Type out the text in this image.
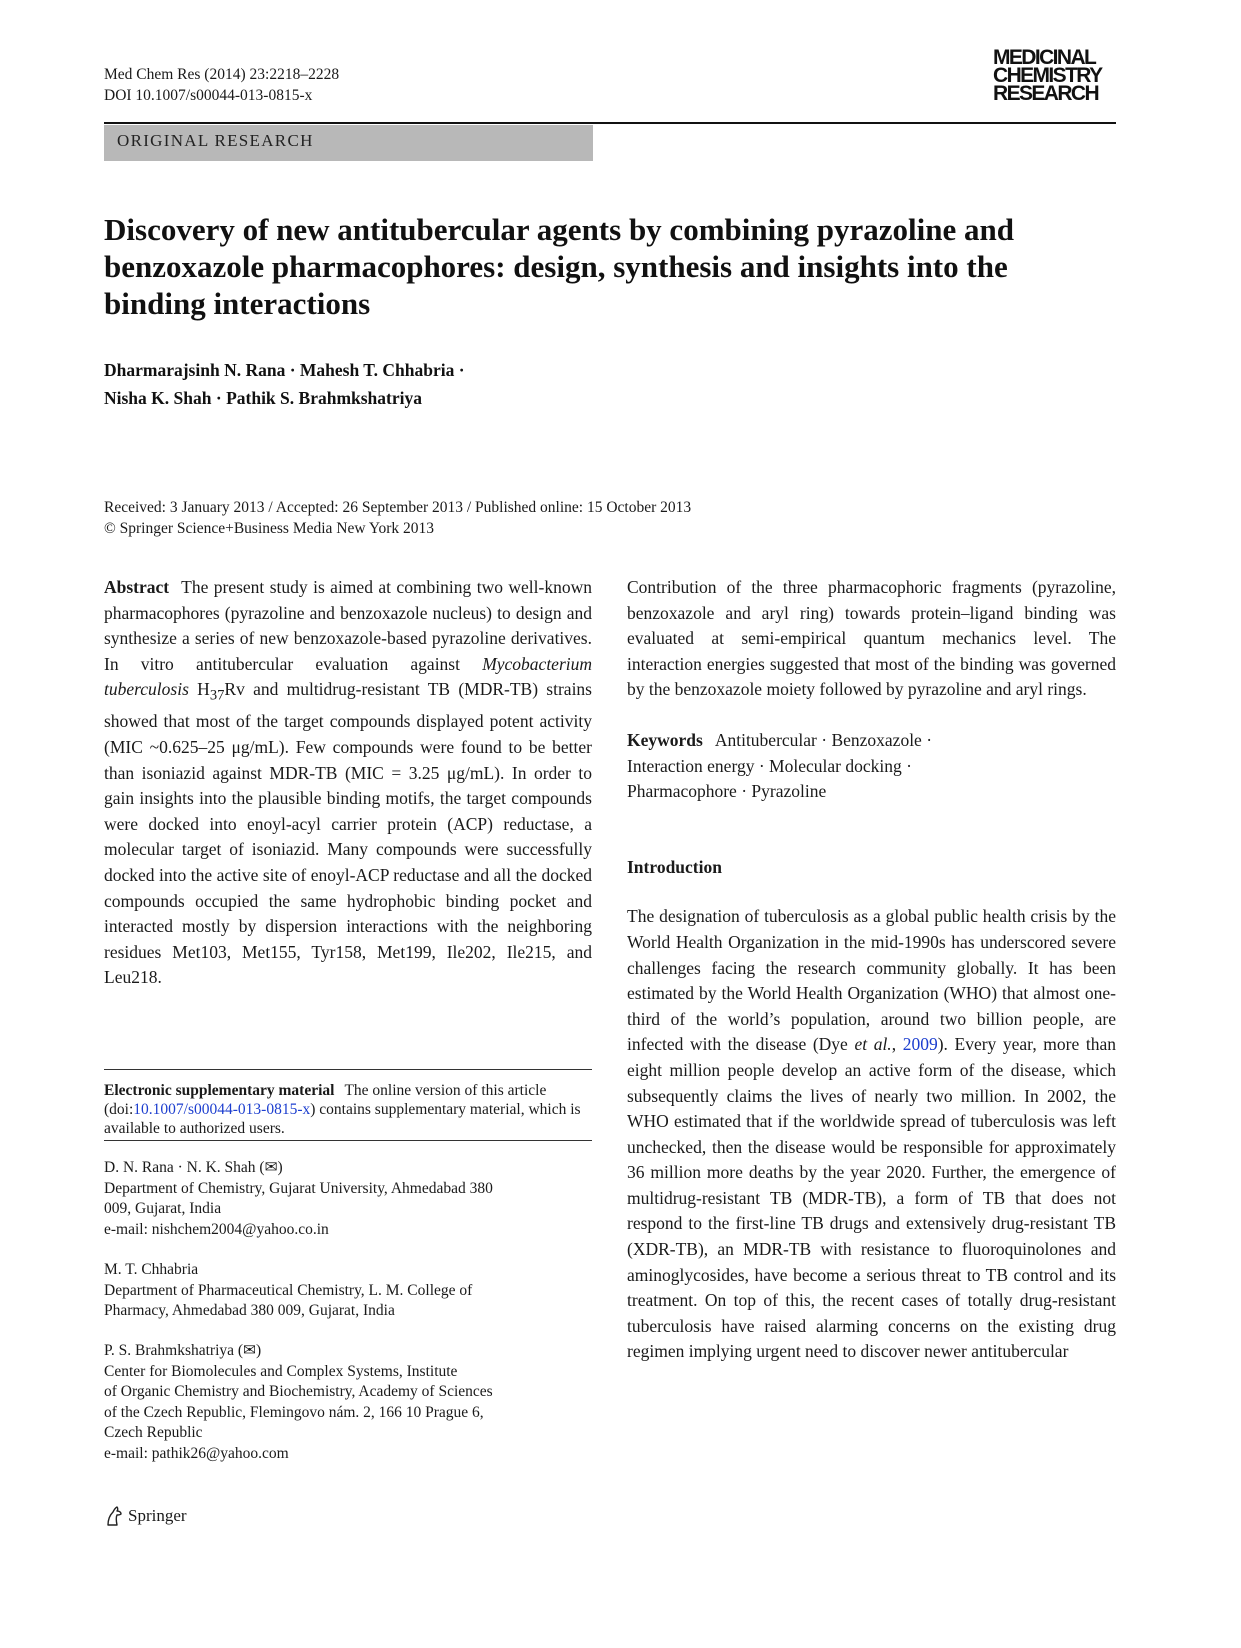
Med Chem Res (2014) 23:2218–2228
DOI 10.1007/s00044-013-0815-x
MEDICINAL
CHEMISTRY
RESEARCH
ORIGINAL RESEARCH
Discovery of new antitubercular agents by combining pyrazoline and benzoxazole pharmacophores: design, synthesis and insights into the binding interactions
Dharmarajsinh N. Rana · Mahesh T. Chhabria ·
Nisha K. Shah · Pathik S. Brahmkshatriya
Received: 3 January 2013 / Accepted: 26 September 2013 / Published online: 15 October 2013
© Springer Science+Business Media New York 2013
Abstract The present study is aimed at combining two well-known pharmacophores (pyrazoline and benzoxazole nucleus) to design and synthesize a series of new benzoxazole-based pyrazoline derivatives. In vitro antitubercular evaluation against Mycobacterium tuberculosis $H_{37}Rv$ and multidrug-resistant TB (MDR-TB) strains showed that most of the target compounds displayed potent activity (MIC ~0.625–25 μg/mL). Few compounds were found to be better than isoniazid against MDR-TB (MIC = 3.25 μg/mL). In order to gain insights into the plausible binding motifs, the target compounds were docked into enoyl-acyl carrier protein (ACP) reductase, a molecular target of isoniazid. Many compounds were successfully docked into the active site of enoyl-ACP reductase and all the docked compounds occupied the same hydrophobic binding pocket and interacted mostly by dispersion interactions with the neighboring residues Met103, Met155, Tyr158, Met199, Ile202, Ile215, and Leu218.
Electronic supplementary material The online version of this article (doi:10.1007/s00044-013-0815-x) contains supplementary material, which is available to authorized users.
D. N. Rana · N. K. Shah (✉)
Department of Chemistry, Gujarat University, Ahmedabad 380
009, Gujarat, India
e-mail: nishchem2004@yahoo.co.in
M. T. Chhabria
Department of Pharmaceutical Chemistry, L. M. College of
Pharmacy, Ahmedabad 380 009, Gujarat, India
P. S. Brahmkshatriya (✉)
Center for Biomolecules and Complex Systems, Institute
of Organic Chemistry and Biochemistry, Academy of Sciences
of the Czech Republic, Flemingovo nám. 2, 166 10 Prague 6,
Czech Republic
e-mail: pathik26@yahoo.com

Contribution of the three pharmacophoric fragments (pyrazoline, benzoxazole and aryl ring) towards protein–ligand binding was evaluated at semi-empirical quantum mechanics level. The interaction energies suggested that most of the binding was governed by the benzoxazole moiety followed by pyrazoline and aryl rings.

Keywords Antitubercular · Benzoxazole ·
Interaction energy · Molecular docking ·
Pharmacophore · Pyrazoline
Introduction

The designation of tuberculosis as a global public health crisis by the World Health Organization in the mid-1990s has underscored severe challenges facing the research community globally. It has been estimated by the World Health Organization (WHO) that almost one-third of the world’s population, around two billion people, are infected with the disease (Dye et al., 2009). Every year, more than eight million people develop an active form of the disease, which subsequently claims the lives of nearly two million. In 2002, the WHO estimated that if the worldwide spread of tuberculosis was left unchecked, then the disease would be responsible for approximately 36 million more deaths by the year 2020. Further, the emergence of multidrug-resistant TB (MDR-TB), a form of TB that does not respond to the first-line TB drugs and extensively drug-resistant TB (XDR-TB), an MDR-TB with resistance to fluoroquinolones and aminoglycosides, have become a serious threat to TB control and its treatment. On top of this, the recent cases of totally drug-resistant tuberculosis have raised alarming concerns on the existing drug regimen implying urgent need to discover newer antitubercular

Springer
